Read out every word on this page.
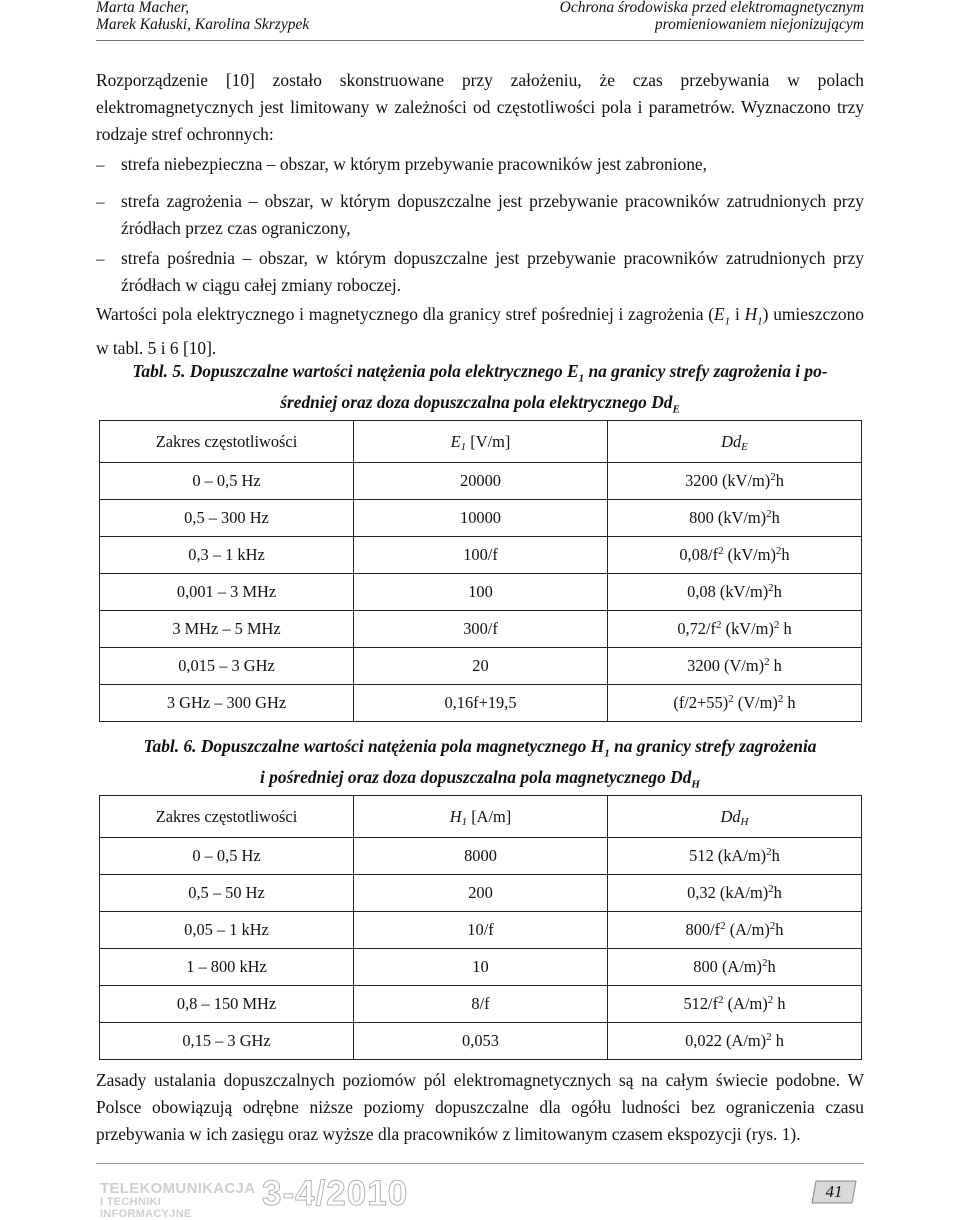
Marta Macher,
Marek Kałuski, Karolina Skrzypek
Ochrona środowiska przed elektromagnetycznym
promieniowaniem niejonizującym
Rozporządzenie [10] zostało skonstruowane przy założeniu, że czas przebywania w polach elektromagnetycznych jest limitowany w zależności od częstotliwości pola i parametrów. Wyznaczono trzy rodzaje stref ochronnych:
– strefa niebezpieczna – obszar, w którym przebywanie pracowników jest zabronione,
– strefa zagrożenia – obszar, w którym dopuszczalne jest przebywanie pracowników zatrudnionych przy źródłach przez czas ograniczony,
– strefa pośrednia – obszar, w którym dopuszczalne jest przebywanie pracowników zatrudnionych przy źródłach w ciągu całej zmiany roboczej.
Wartości pola elektrycznego i magnetycznego dla granicy stref pośredniej i zagrożenia ($E_1$ i $H_1$) umieszczono w tabl. 5 i 6 [10].
Tabl. 5. Dopuszczalne wartości natężenia pola elektrycznego $E_1$ na granicy strefy zagrożenia i po-
średniej oraz doza dopuszczalna pola elektrycznego $Dd_E$
Zakres częstotliwości	$E_1$ [V/m]	$Dd_E$
0 – 0,5 Hz	20000	3200 $(kV/m)^2h$
0,5 – 300 Hz	10000	800 $(kV/m)^2h$
0,3 – 1 kHz	100/f	$0,08/f^2$ $(kV/m)^2h$
0,001 – 3 MHz	100	0,08 $(kV/m)^2h$
3 MHz – 5 MHz	300/f	$0,72/f^2$ $(kV/m)^2$ h
0,015 – 3 GHz	20	3200 $(V/m)^2$ h
3 GHz – 300 GHz	0,16f+19,5	$(f/2+55)^2$ $(V/m)^2$ h
Tabl. 6. Dopuszczalne wartości natężenia pola magnetycznego $H_1$ na granicy strefy zagrożenia
i pośredniej oraz doza dopuszczalna pola magnetycznego $Dd_H$
Zakres częstotliwości	$H_1$ [A/m]	$Dd_H$
0 – 0,5 Hz	8000	512 $(kA/m)^2h$
0,5 – 50 Hz	200	0,32 $(kA/m)^2h$
0,05 – 1 kHz	10/f	$800/f^2$ $(A/m)^2h$
1 – 800 kHz	10	800 $(A/m)^2h$
0,8 – 150 MHz	8/f	$512/f^2$ $(A/m)^2$ h
0,15 – 3 GHz	0,053	0,022 $(A/m)^2$ h
Zasady ustalania dopuszczalnych poziomów pól elektromagnetycznych są na całym świecie podobne. W Polsce obowiązują odrębne niższe poziomy dopuszczalne dla ogółu ludności bez ograniczenia czasu przebywania w ich zasięgu oraz wyższe dla pracowników z limitowanym czasem ekspozycji (rys. 1).
TELEKOMUNIKACJA
I TECHNIKI INFORMACYJNE
3-4/2010	41
